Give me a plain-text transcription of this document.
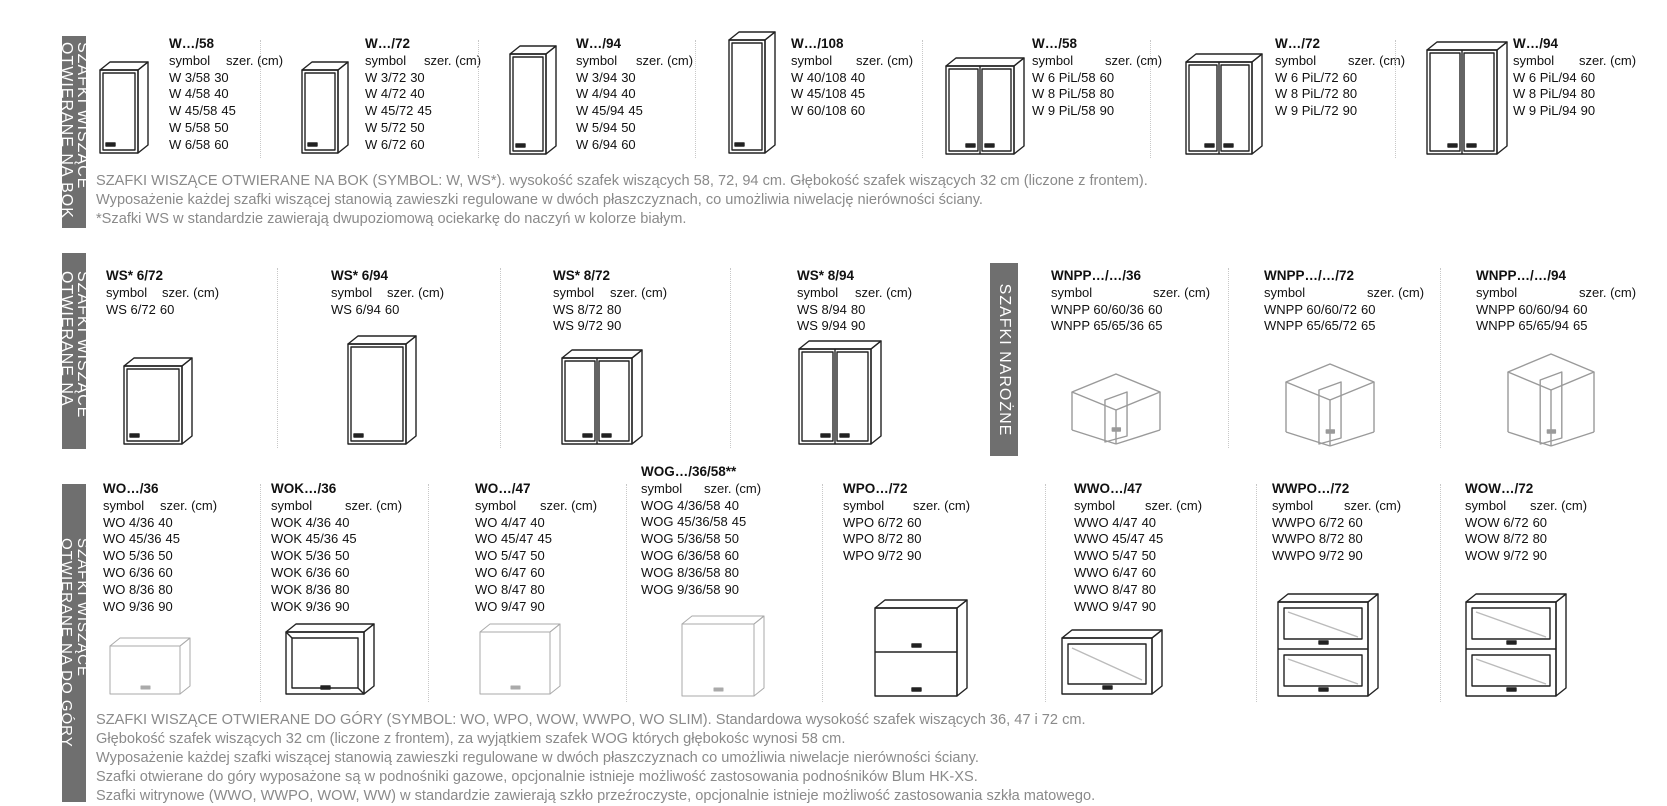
SZAFKI WISZĄCE OTWIERANE NA BOK
SZAFKI WISZĄCE OTWIERANE NA	SZAFKI NAROŻNE
SZAFKI WISZĄCE OTWIERANE NA DO GÓRY
W…/58
symbol szer. (cm)
W 3/58 30
W 4/58 40
W 45/58 45
W 5/58 50
W 6/58 60
W…/72
symbol szer. (cm)
W 3/72 30
W 4/72 40
W 45/72 45
W 5/72 50
W 6/72 60
W…/94
symbol szer. (cm)
W 3/94 30
W 4/94 40
W 45/94 45
W 5/94 50
W 6/94 60
W…/108
symbol szer. (cm)
W 40/108 40
W 45/108 45
W 60/108 60
W…/58
symbol szer. (cm)
W 6 PiL/58 60
W 8 PiL/58 80
W 9 PiL/58 90
W…/72
symbol szer. (cm)
W 6 PiL/72 60
W 8 PiL/72 80
W 9 PiL/72 90
W…/94
symbol szer. (cm)
W 6 PiL/94 60
W 8 PiL/94 80
W 9 PiL/94 90
WS* 6/72
symbol szer. (cm)
WS 6/72 60
WS* 6/94
symbol szer. (cm)
WS 6/94 60
WS* 8/72
symbol szer. (cm)
WS 8/72 80
WS 9/72 90
WS* 8/94
symbol szer. (cm)
WS 8/94 80
WS 9/94 90
WNPP…/…/36
symbol	szer. (cm)
WNPP 60/60/36 60
WNPP 65/65/36 65
WNPP…/…/72
symbol	szer. (cm)
WNPP 60/60/72 60
WNPP 65/65/72 65
WNPP…/…/94
symbol	szer. (cm)
WNPP 60/60/94 60
WNPP 65/65/94 65
WO…/36
symbol szer. (cm)
WO 4/36 40
WO 45/36 45
WO 5/36 50
WO 6/36 60
WO 8/36 80
WO 9/36 90
WOK…/36
symbol	szer. (cm)
WOK 4/36 40
WOK 45/36 45
WOK 5/36 50
WOK 6/36 60
WOK 8/36 80
WOK 9/36 90
WO…/47
symbol szer. (cm)
WO 4/47 40
WO 45/47 45
WO 5/47 50
WO 6/47 60
WO 8/47 80
WO 9/47 90
WOG…/36/58**
symbol szer. (cm)
WOG 4/36/58 40
WOG 45/36/58 45
WOG 5/36/58 50
WOG 6/36/58 60
WOG 8/36/58 80
WOG 9/36/58 90
WPO…/72
symbol szer. (cm)
WPO 6/72 60
WPO 8/72 80
WPO 9/72 90
WWO…/47
symbol szer. (cm)
WWO 4/47 40
WWO 45/47 45
WWO 5/47 50
WWO 6/47 60
WWO 8/47 80
WWO 9/47 90
WWPO…/72
symbol szer. (cm)
WWPO 6/72 60
WWPO 8/72 80
WWPO 9/72 90
WOW…/72
symbol szer. (cm)
WOW 6/72 60
WOW 8/72 80
WOW 9/72 90
SZAFKI WISZĄCE OTWIERANE NA BOK (SYMBOL: W, WS*). wysokość szafek wiszących 58, 72, 94 cm. Głębokość szafek wiszących 32 cm (liczone z frontem).
Wyposażenie każdej szafki wiszącej stanowią zawieszki regulowane w dwóch płaszczyznach, co umożliwia niwelację nierówności ściany.
*Szafki WS w standardzie zawierają dwupoziomową ociekarkę do naczyń w kolorze białym.
SZAFKI WISZĄCE OTWIERANE DO GÓRY (SYMBOL: WO, WPO, WOW, WWPO, WO SLIM). Standardowa wysokość szafek wiszących 36, 47 i 72 cm.
Głębokość szafek wiszących 32 cm (liczone z frontem), za wyjątkiem szafek WOG których głębokośc wynosi 58 cm.
Wyposażenie każdej szafki wiszącej stanowią zawieszki regulowane w dwóch płaszczyznach co umożliwia niwelacje nierówności ściany.
Szafki otwierane do góry wyposażone są w podnośniki gazowe, opcjonalnie istnieje możliwość zastosowania podnośników Blum HK-XS.
Szafki witrynowe (WWO, WWPO, WOW, WW) w standardzie zawierają szkło przeźroczyste, opcjonalnie istnieje możliwość zastosowania szkła matowego.
